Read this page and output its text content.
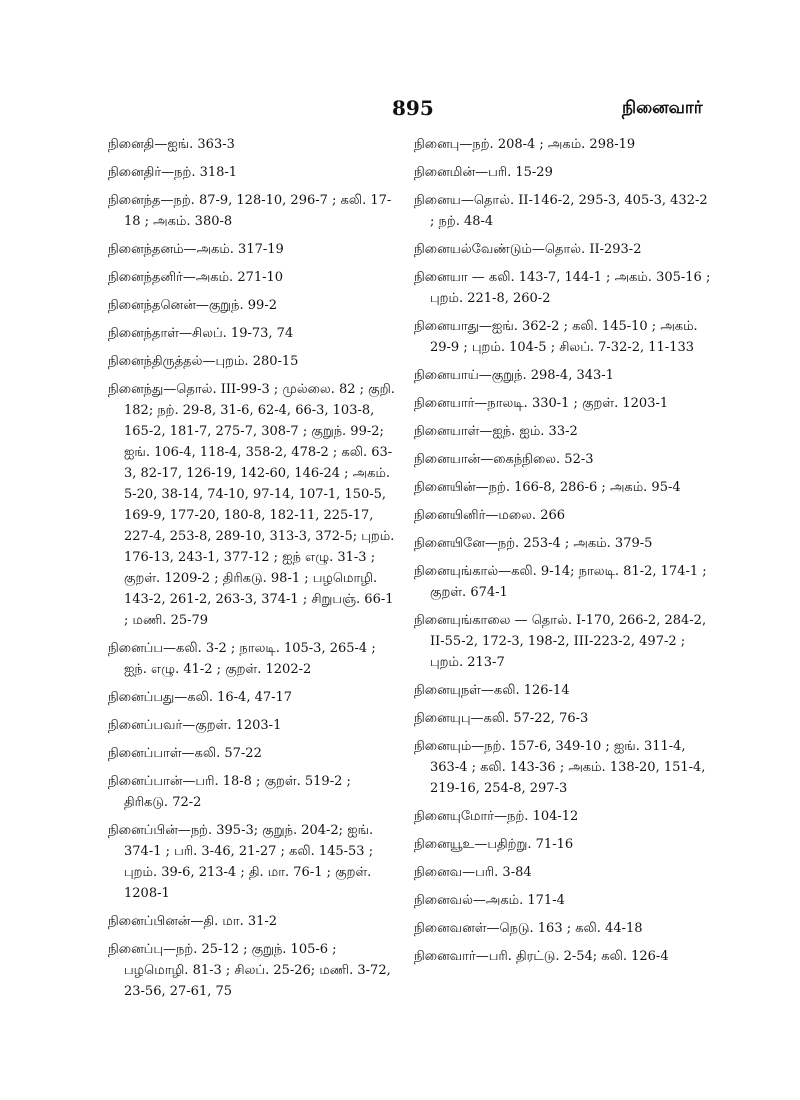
895	நினைவார்
நினைதி—ஐங். 363-3
நினைதிர்—நற். 318-1
நினைந்த—நற். 87-9, 128-10, 296-7 ; கலி. 17-18 ; அகம். 380-8
நினைந்தனம்—அகம். 317-19
நினைந்தனிர்—அகம். 271-10
நினைந்தனென்—குறுந். 99-2
நினைந்தாள்—சிலப். 19-73, 74
நினைந்திருத்தல்—புறம். 280-15
நினைந்து—தொல். III-99-3 ; முல்லை. 82 ; குறி. 182; நற். 29-8, 31-6, 62-4, 66-3, 103-8, 165-2, 181-7, 275-7, 308-7 ; குறுந். 99-2; ஐங். 106-4, 118-4, 358-2, 478-2 ; கலி. 63-3, 82-17, 126-19, 142-60, 146-24 ; அகம். 5-20, 38-14, 74-10, 97-14, 107-1, 150-5, 169-9, 177-20, 180-8, 182-11, 225-17, 227-4, 253-8, 289-10, 313-3, 372-5; புறம். 176-13, 243-1, 377-12 ; ஐந் எழு. 31-3 ; குறள். 1209-2 ; திரிகடு. 98-1 ; பழமொழி. 143-2, 261-2, 263-3, 374-1 ; சிறுபஞ். 66-1 ; மணி. 25-79
நினைப்ப—கலி. 3-2 ; நாலடி. 105-3, 265-4 ; ஐந். எழு. 41-2 ; குறள். 1202-2
நினைப்பது—கலி. 16-4, 47-17
நினைப்பவர்—குறள். 1203-1
நினைப்பாள்—கலி. 57-22
நினைப்பான்—பரி. 18-8 ; குறள். 519-2 ; திரிகடு. 72-2
நினைப்பின்—நற். 395-3; குறுந். 204-2; ஐங். 374-1 ; பரி. 3-46, 21-27 ; கலி. 145-53 ; புறம். 39-6, 213-4 ; தி. மா. 76-1 ; குறள். 1208-1
நினைப்பினன்—தி. மா. 31-2
நினைப்பு—நற். 25-12 ; குறுந். 105-6 ; பழமொழி. 81-3 ; சிலப். 25-26; மணி. 3-72, 23-56, 27-61, 75
நினைபு—நற். 208-4 ; அகம். 298-19
நினைமின்—பரி. 15-29
நினைய—தொல். II-146-2, 295-3, 405-3, 432-2 ; நற். 48-4
நினையல்வேண்டும்—தொல். II-293-2
நினையா — கலி. 143-7, 144-1 ; அகம். 305-16 ; புறம். 221-8, 260-2
நினையாது—ஐங். 362-2 ; கலி. 145-10 ; அகம். 29-9 ; புறம். 104-5 ; சிலப். 7-32-2, 11-133
நினையாய்—குறுந். 298-4, 343-1
நினையார்—நாலடி. 330-1 ; குறள். 1203-1
நினையாள்—ஐந். ஐம். 33-2
நினையான்—கைந்நிலை. 52-3
நினையின்—நற். 166-8, 286-6 ; அகம். 95-4
நினையினிர்—மலை. 266
நினையினே—நற். 253-4 ; அகம். 379-5
நினையுங்கால்—கலி. 9-14; நாலடி. 81-2, 174-1 ; குறள். 674-1
நினையுங்காலை — தொல். I-170, 266-2, 284-2, II-55-2, 172-3, 198-2, III-223-2, 497-2 ; புறம். 213-7
நினையுநள்—கலி. 126-14
நினையுபு—கலி. 57-22, 76-3
நினையும்—நற். 157-6, 349-10 ; ஐங். 311-4, 363-4 ; கலி. 143-36 ; அகம். 138-20, 151-4, 219-16, 254-8, 297-3
நினையுமோர்—நற். 104-12
நினையூஉ—பதிற்று. 71-16
நினைவ—பரி. 3-84
நினைவல்—அகம். 171-4
நினைவனள்—நெடு. 163 ; கலி. 44-18
நினைவார்—பரி. திரட்டு. 2-54; கலி. 126-4
